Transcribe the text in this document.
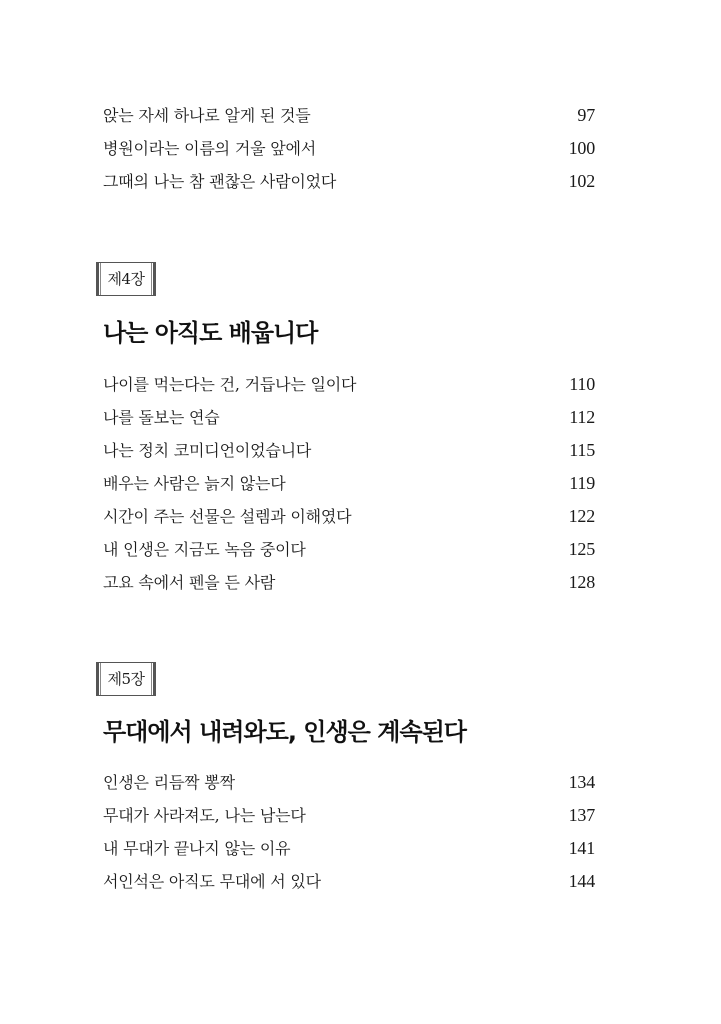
앉는 자세 하나로 알게 된 것들	97
병원이라는 이름의 거울 앞에서	100
그때의 나는 참 괜찮은 사람이었다	102
제4장
나는 아직도 배웁니다
나이를 먹는다는 건, 거듭나는 일이다	110
나를 돌보는 연습	112
나는 정치 코미디언이었습니다	115
배우는 사람은 늙지 않는다	119
시간이 주는 선물은 설렘과 이해였다	122
내 인생은 지금도 녹음 중이다	125
고요 속에서 펜을 든 사람	128
제5장
무대에서 내려와도, 인생은 계속된다
인생은 리듬짝 뽕짝	134
무대가 사라져도, 나는 남는다	137
내 무대가 끝나지 않는 이유	141
서인석은 아직도 무대에 서 있다	144
